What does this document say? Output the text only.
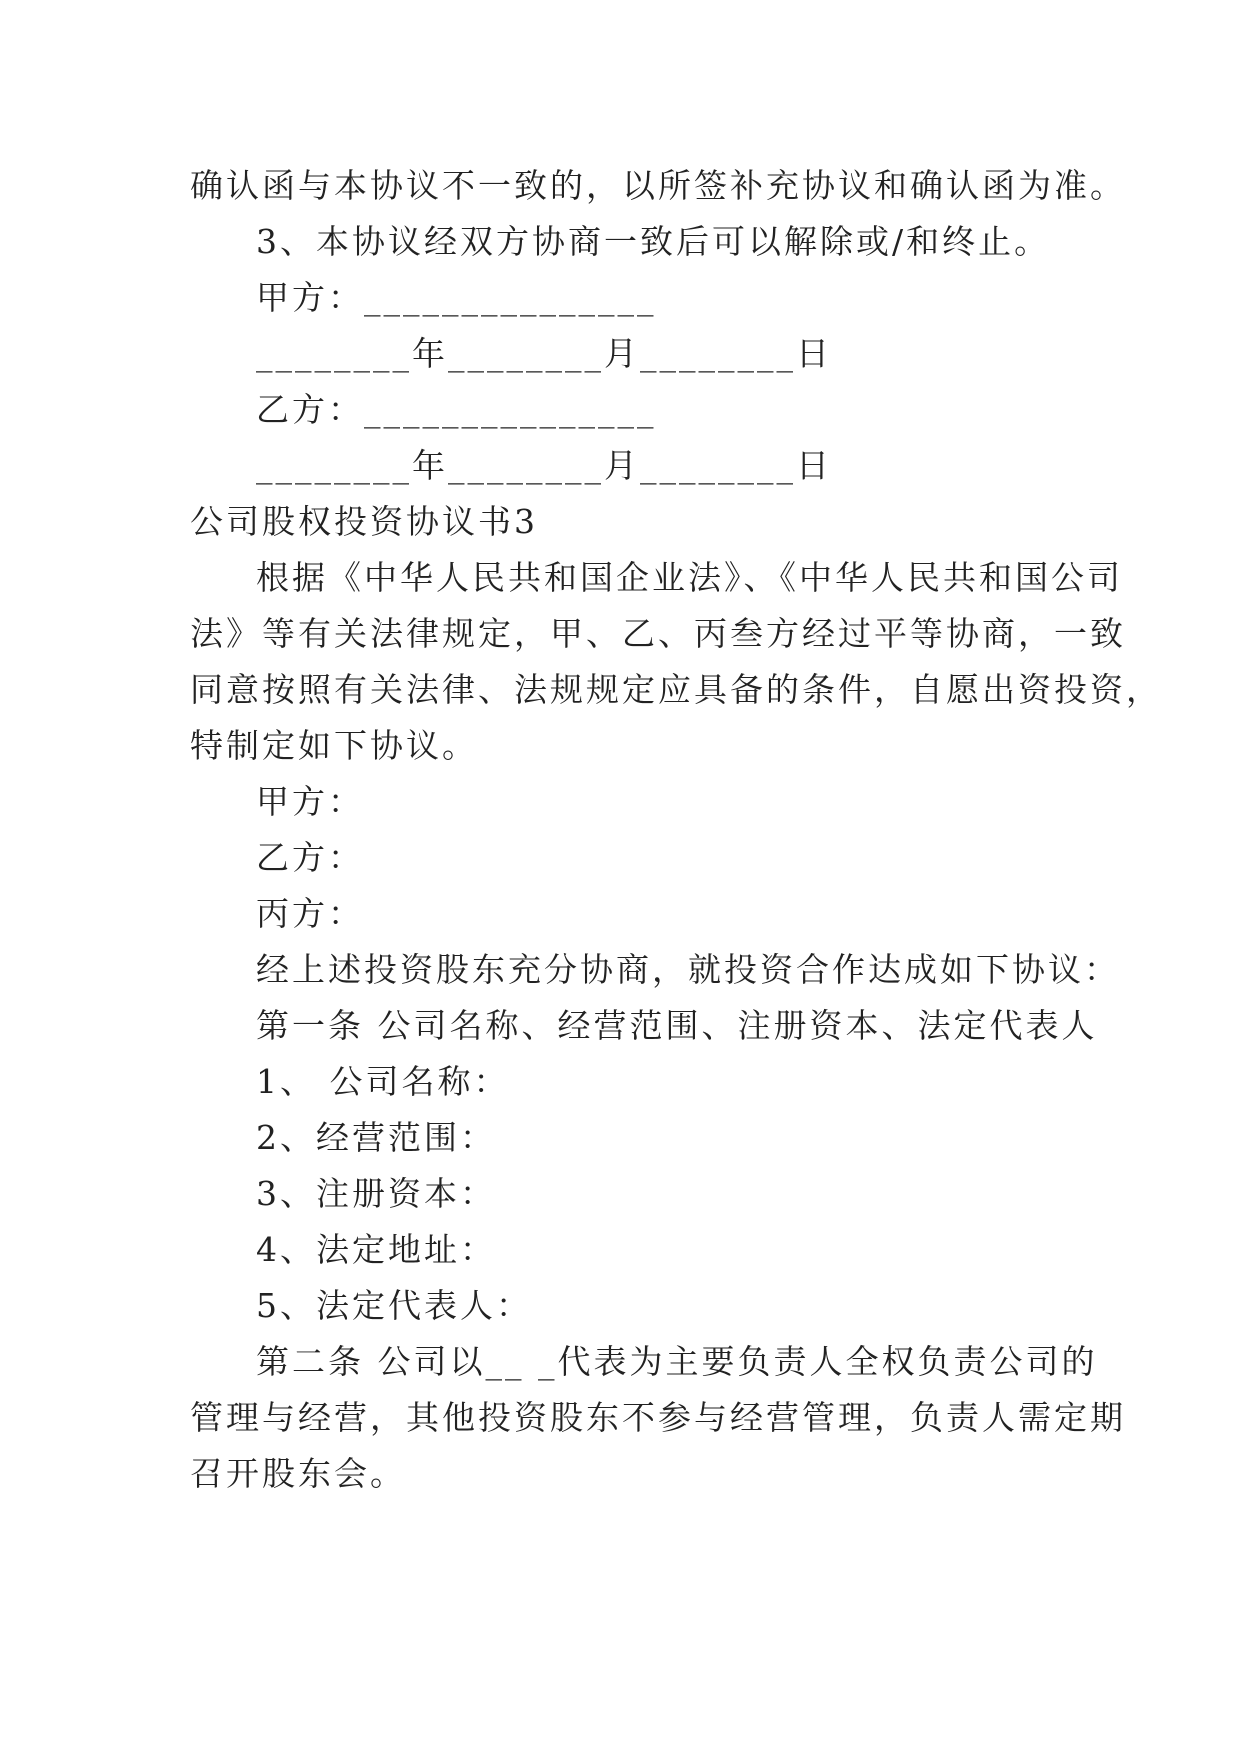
确认函与本协议不一致的，以所签补充协议和确认函为准。
3、本协议经双方协商一致后可以解除或/和终止。
甲方：_______________
________年________月________日
乙方：_______________
________年________月________日
公司股权投资协议书3
根据《中华人民共和国企业法》、《中华人民共和国公司
法》等有关法律规定，甲、乙、丙叁方经过平等协商，一致
同意按照有关法律、法规规定应具备的条件，自愿出资投资，
特制定如下协议。
甲方：
乙方：
丙方：
经上述投资股东充分协商，就投资合作达成如下协议：
第一条 公司名称、经营范围、注册资本、法定代表人
1、 公司名称：
2、经营范围：
3、注册资本：
4、法定地址：
5、法定代表人：
第二条 公司以__ _代表为主要负责人全权负责公司的
管理与经营，其他投资股东不参与经营管理，负责人需定期
召开股东会。
